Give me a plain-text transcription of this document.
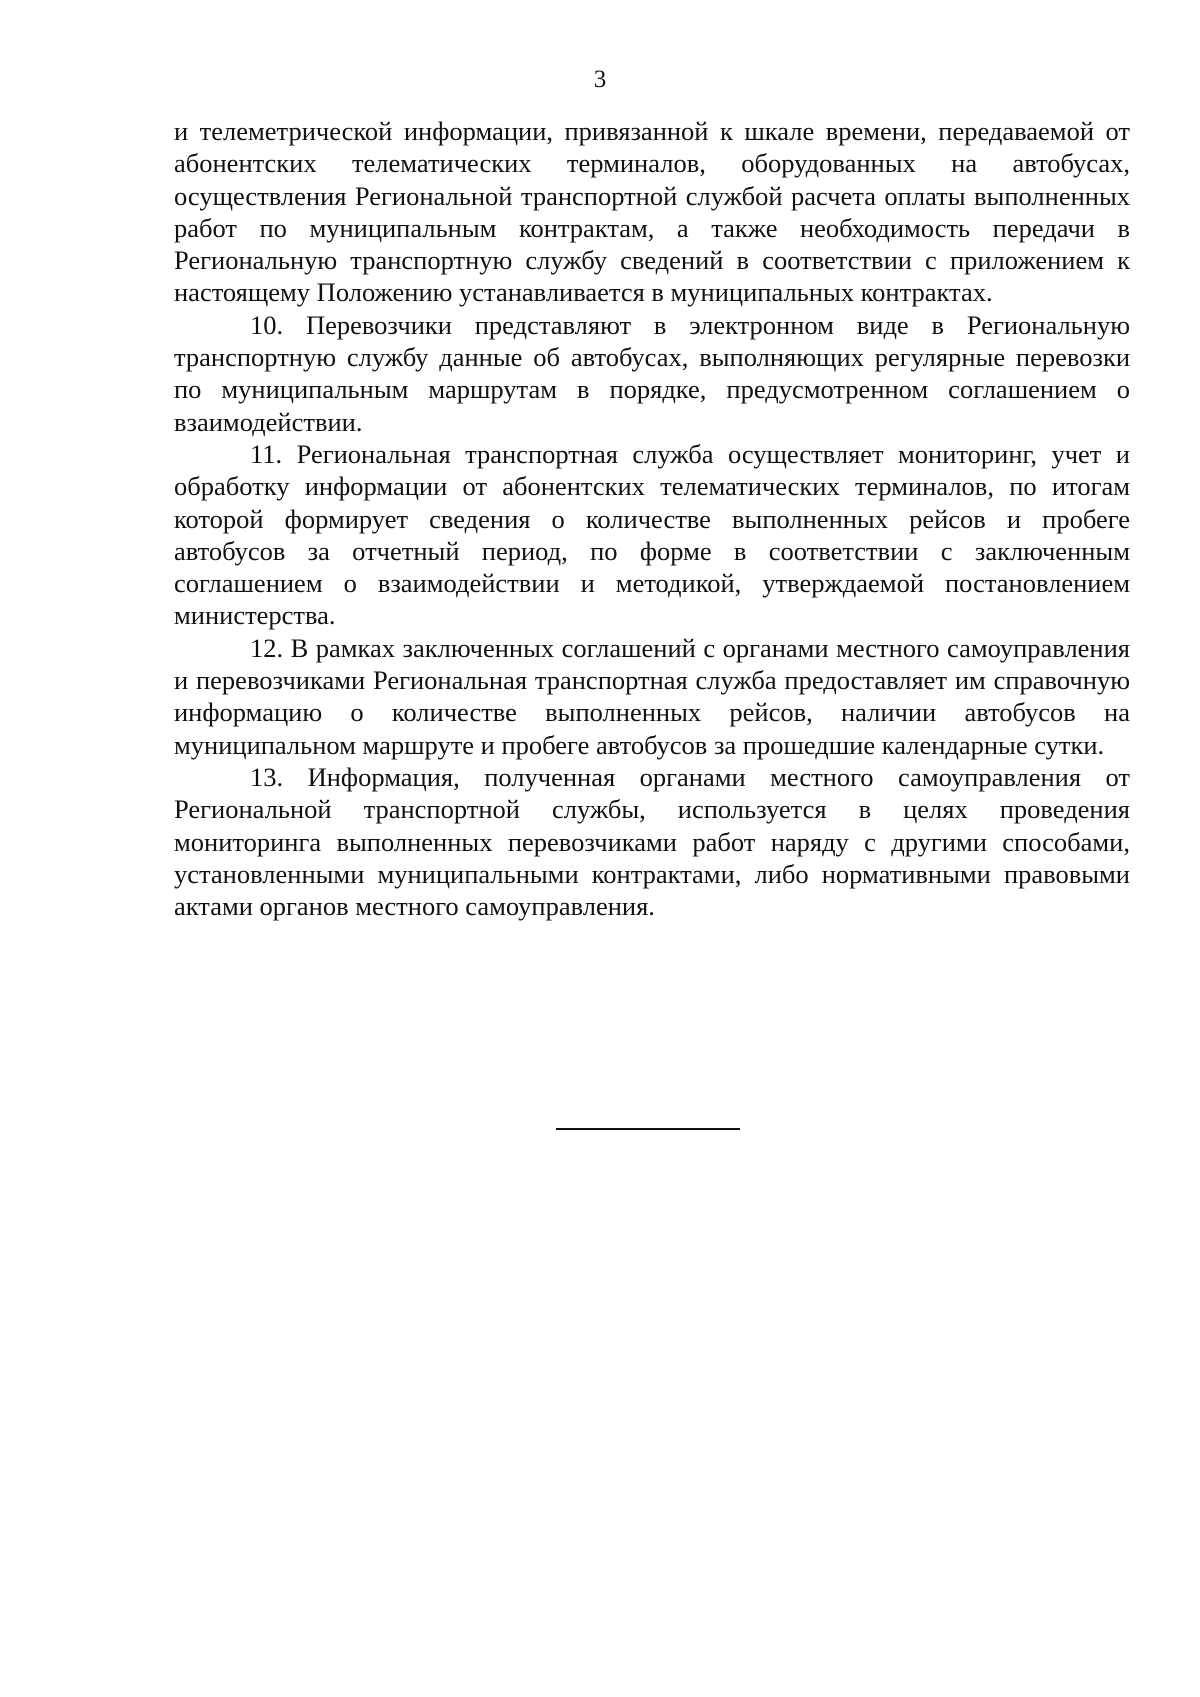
3

и телеметрической информации, привязанной к шкале времени, передаваемой от абонентских телематических терминалов, оборудованных на автобусах, осуществления Региональной транспортной службой расчета оплаты выполненных работ по муниципальным контрактам, а также необходимость передачи в Региональную транспортную службу сведений в соответствии с приложением к настоящему Положению устанавливается в муниципальных контрактах.

10. Перевозчики представляют в электронном виде в Региональную транспортную службу данные об автобусах, выполняющих регулярные перевозки по муниципальным маршрутам в порядке, предусмотренном соглашением о взаимодействии.

11. Региональная транспортная служба осуществляет мониторинг, учет и обработку информации от абонентских телематических терминалов, по итогам которой формирует сведения о количестве выполненных рейсов и пробеге автобусов за отчетный период, по форме в соответствии с заключенным соглашением о взаимодействии и методикой, утверждаемой постановлением министерства.

12. В рамках заключенных соглашений с органами местного самоуправления и перевозчиками Региональная транспортная служба предоставляет им справочную информацию о количестве выполненных рейсов, наличии автобусов на муниципальном маршруте и пробеге автобусов за прошедшие календарные сутки.

13. Информация, полученная органами местного самоуправления от Региональной транспортной службы, используется в целях проведения мониторинга выполненных перевозчиками работ наряду с другими способами, установленными муниципальными контрактами, либо нормативными правовыми актами органов местного самоуправления.
